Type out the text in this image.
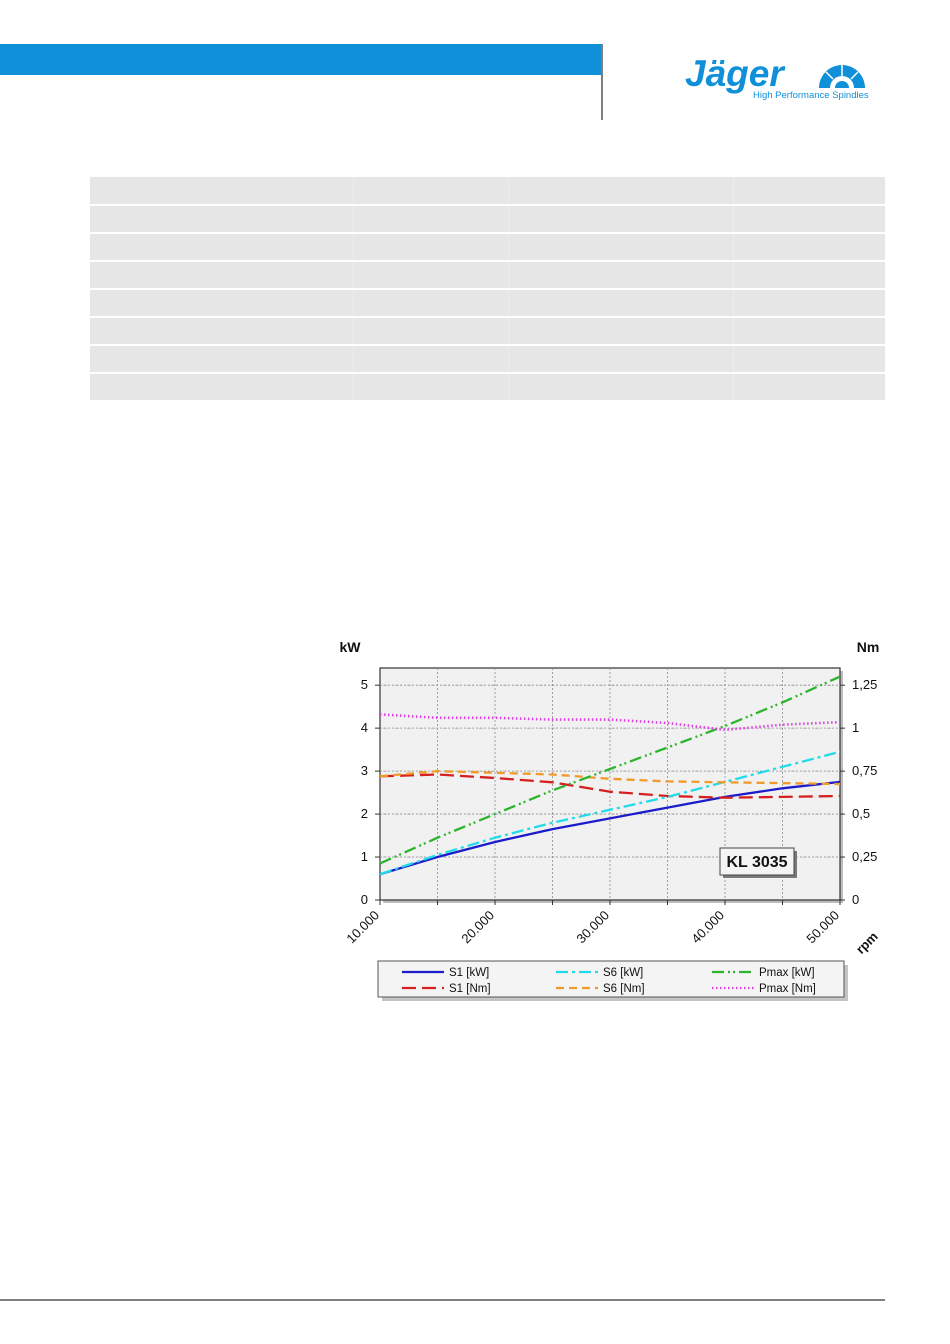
Jäger
High Performance Spindles
0
1
2
3
4
5
0
0,25
0,5
0,75
1
1,25
kW	Nm
10.000	20.000	30.000	40.000	50.000 rpm
KL 3035
S1 [kW]	S6 [kW]	Pmax [kW]
S1 [Nm]	S6 [Nm]	Pmax [Nm]
